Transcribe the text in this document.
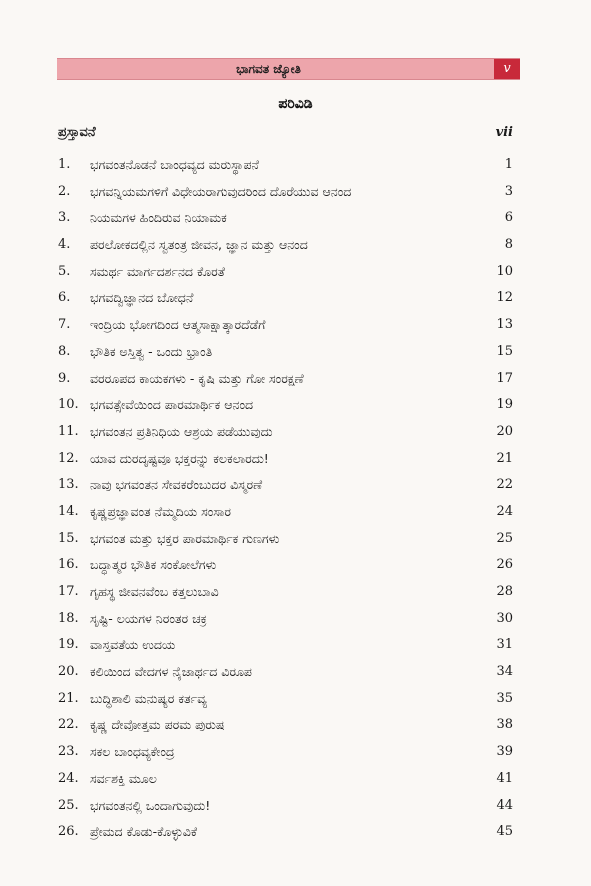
ಭಾಗವತ ಜ್ಯೋತಿ	v
ಪರಿವಿಡಿ
ಪ್ರಸ್ತಾವನೆ	vii
1.	ಭಗವಂತನೊಡನೆ ಬಾಂಧವ್ಯದ ಮರುಸ್ಥಾಪನೆ	1
2.	ಭಗವನ್ನಿಯಮಗಳಿಗೆ ವಿಧೇಯರಾಗುವುದರಿಂದ ದೊರೆಯುವ ಆನಂದ	3
3.	ನಿಯಮಗಳ ಹಿಂದಿರುವ ನಿಯಾಮಕ	6
4.	ಪರಲೋಕದಲ್ಲಿನ ಸ್ವತಂತ್ರ ಜೀವನ, ಜ್ಞಾನ ಮತ್ತು ಆನಂದ	8
5.	ಸಮರ್ಥ ಮಾರ್ಗದರ್ಶನದ ಕೊರತೆ	10
6.	ಭಗವದ್ವಿಜ್ಞಾನದ ಬೋಧನೆ	12
7.	ಇಂದ್ರಿಯ ಭೋಗದಿಂದ ಆತ್ಮಸಾಕ್ಷಾತ್ಕಾರದೆಡೆಗೆ	13
8.	ಭೌತಿಕ ಅಸ್ತಿತ್ವ - ಒಂದು ಭ್ರಾಂತಿ	15
9.	ವರರೂಪದ ಕಾಯಕಗಳು - ಕೃಷಿ ಮತ್ತು ಗೋ ಸಂರಕ್ಷಣೆ	17
10. ಭಗವತ್ಸೇವೆಯಿಂದ ಪಾರಮಾರ್ಥಿಕ ಆನಂದ	19
11. ಭಗವಂತನ ಪ್ರತಿನಿಧಿಯ ಆಶ್ರಯ ಪಡೆಯುವುದು	20
12. ಯಾವ ದುರದೃಷ್ಟವೂ ಭಕ್ತರನ್ನು ಕಲಕಲಾರದು!	21
13. ನಾವು ಭಗವಂತನ ಸೇವಕರೆಂಬುದರ ವಿಸ್ಮರಣೆ	22
14. ಕೃಷ್ಣಪ್ರಜ್ಞಾವಂತ ನೆಮ್ಮದಿಯ ಸಂಸಾರ	24
15. ಭಗವಂತ ಮತ್ತು ಭಕ್ತರ ಪಾರಮಾರ್ಥಿಕ ಗುಣಗಳು	25
16. ಬದ್ಧಾತ್ಮರ ಭೌತಿಕ ಸಂಕೋಲೆಗಳು	26
17. ಗೃಹಸ್ಥ ಜೀವನವೆಂಬ ಕತ್ತಲುಬಾವಿ	28
18. ಸೃಷ್ಟಿ- ಲಯಗಳ ನಿರಂತರ ಚಕ್ರ	30
19. ವಾಸ್ತವತೆಯ ಉದಯ	31
20. ಕಲಿಯಿಂದ ವೇದಗಳ ನೈಜಾರ್ಥದ ವಿರೂಪ	34
21. ಬುದ್ಧಿಶಾಲಿ ಮನುಷ್ಯರ ಕರ್ತವ್ಯ	35
22. ಕೃಷ್ಣ ದೇವೋತ್ತಮ ಪರಮ ಪುರುಷ	38
23. ಸಕಲ ಬಾಂಧವ್ಯಕೇಂದ್ರ	39
24. ಸರ್ವಶಕ್ತಿ ಮೂಲ	41
25. ಭಗವಂತನಲ್ಲಿ ಒಂದಾಗುವುದು!	44
26. ಪ್ರೇಮದ ಕೊಡು-ಕೊಳ್ಳುವಿಕೆ	45
